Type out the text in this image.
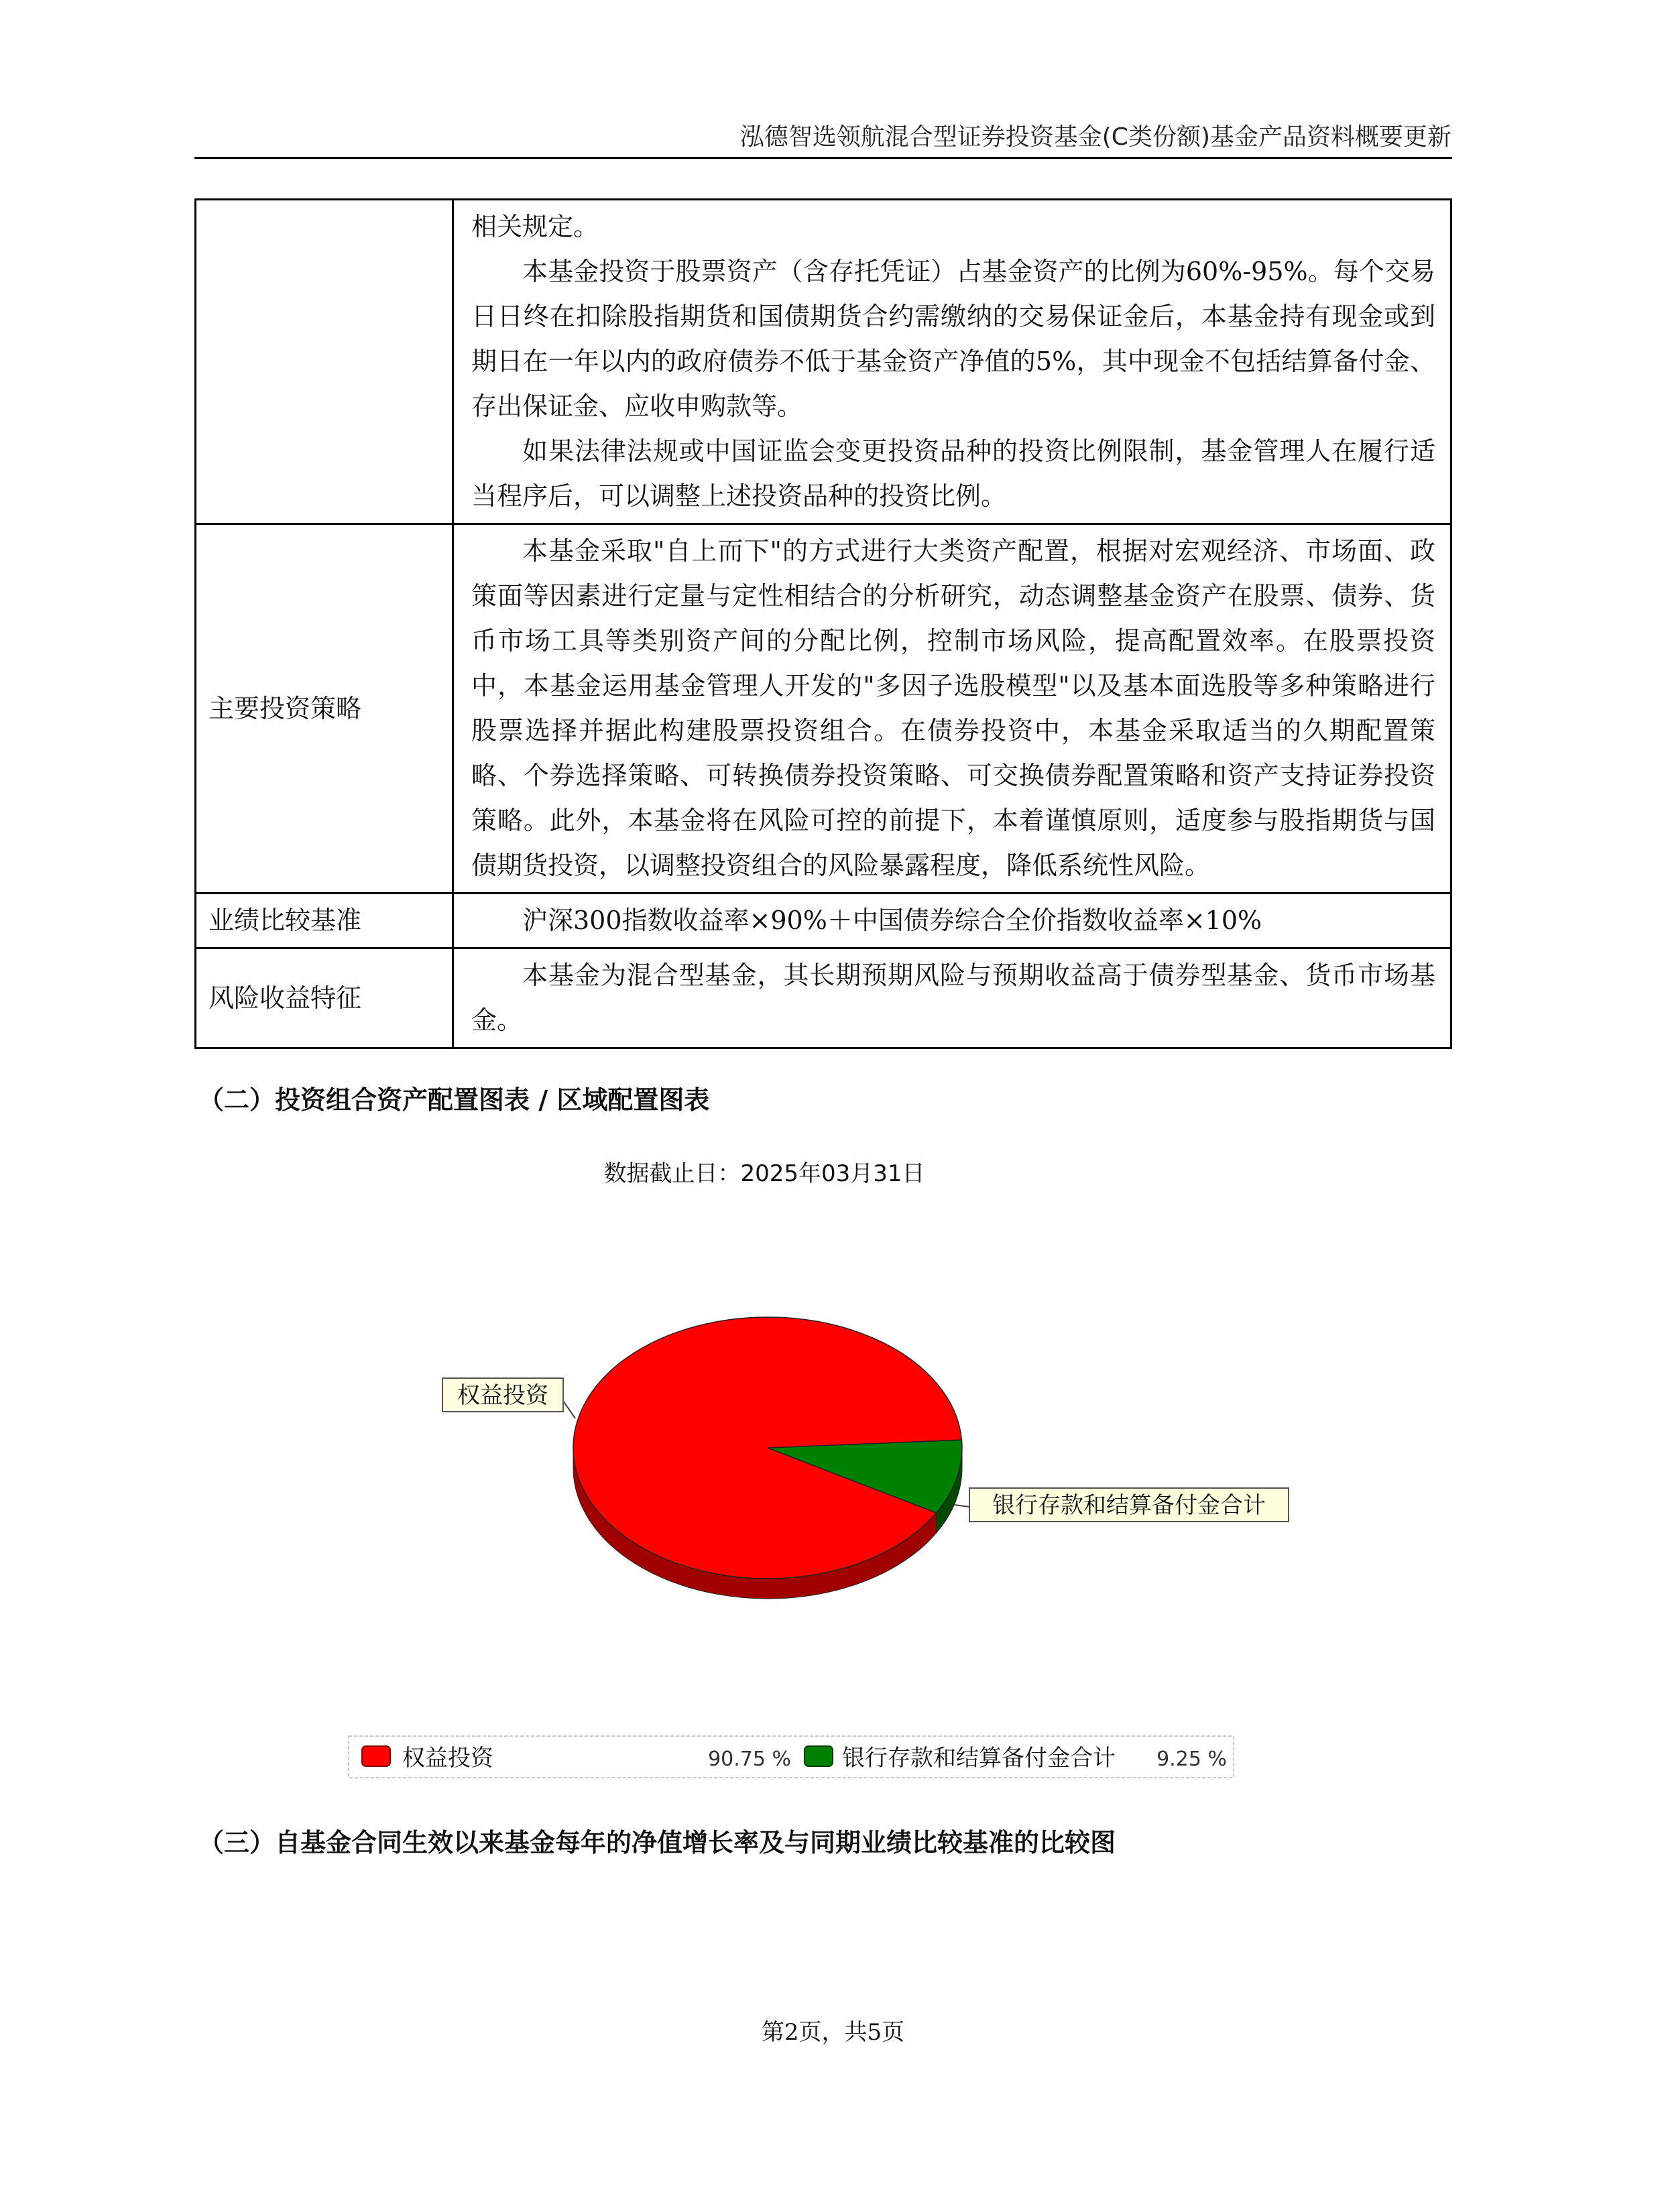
泓德智选领航混合型证券投资基金(C类份额)基金产品资料概要更新

	相关规定。

本基金投资于股票资产（含存托凭证）占基金资产的比例为60%-95%。每个交易日日终在扣除股指期货和国债期货合约需缴纳的交易保证金后，本基金持有现金或到期日在一年以内的政府债券不低于基金资产净值的5%，其中现金不包括结算备付金、存出保证金、应收申购款等。

如果法律法规或中国证监会变更投资品种的投资比例限制，基金管理人在履行适当程序后，可以调整上述投资品种的投资比例。

主要投资策略	本基金采取"自上而下"的方式进行大类资产配置，根据对宏观经济、市场面、政策面等因素进行定量与定性相结合的分析研究，动态调整基金资产在股票、债券、货币市场工具等类别资产间的分配比例，控制市场风险，提高配置效率。在股票投资中，本基金运用基金管理人开发的"多因子选股模型"以及基本面选股等多种策略进行股票选择并据此构建股票投资组合。在债券投资中，本基金采取适当的久期配置策略、个券选择策略、可转换债券投资策略、可交换债券配置策略和资产支持证券投资策略。此外，本基金将在风险可控的前提下，本着谨慎原则，适度参与股指期货与国债期货投资，以调整投资组合的风险暴露程度，降低系统性风险。

业绩比较基准	沪深300指数收益率×90%＋中国债券综合全价指数收益率×10%

风险收益特征	本基金为混合型基金，其长期预期风险与预期收益高于债券型基金、货币市场基金。

（二）投资组合资产配置图表 / 区域配置图表
数据截止日：2025年03月31日
权益投资
银行存款和结算备付金合计
权益投资	90.75 % 银行存款和结算备付金合计 9.25 %
（三）自基金合同生效以来基金每年的净值增长率及与同期业绩比较基准的比较图
第2页，共5页
